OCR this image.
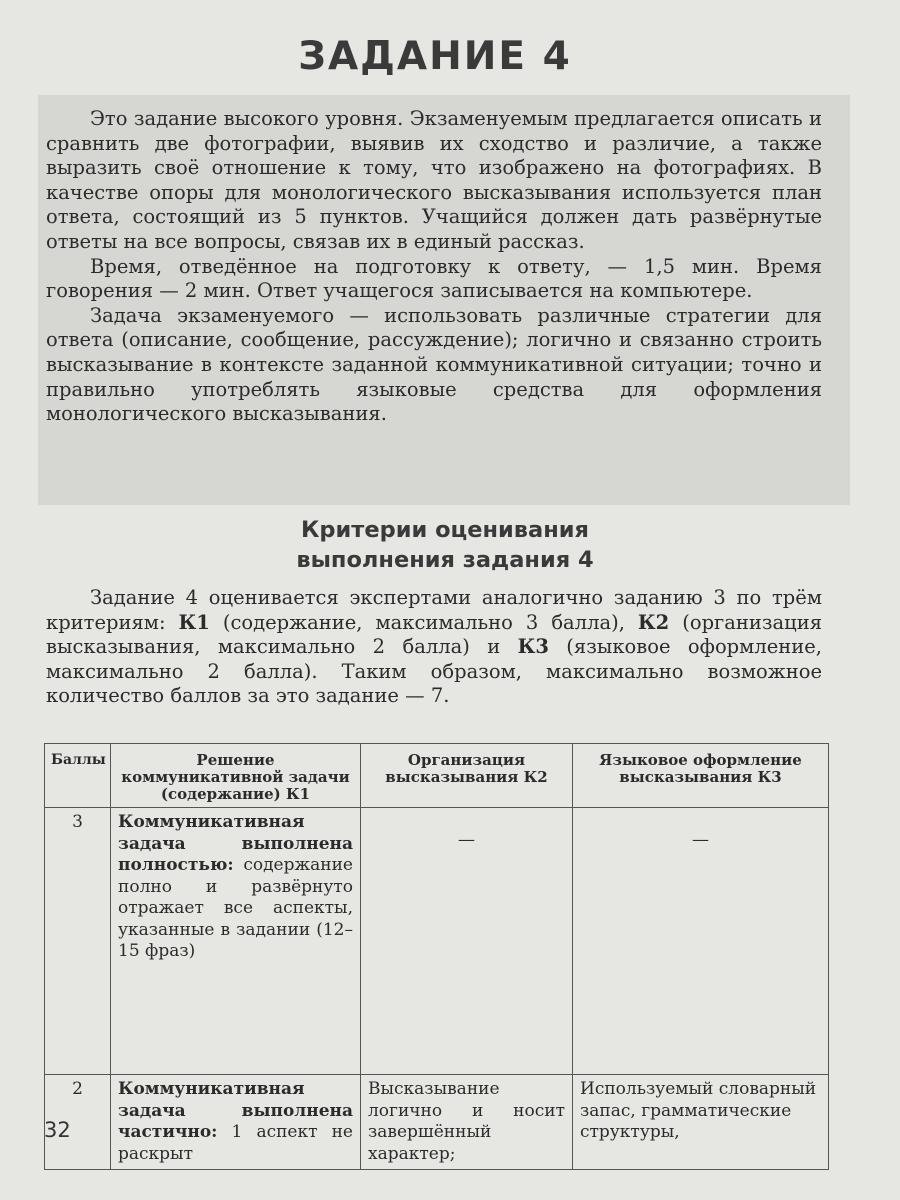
ЗАДАНИЕ 4

Это задание высокого уровня. Экзаменуемым предлагается описать и сравнить две фотографии, выявив их сходство и различие, а также выразить своё отношение к тому, что изображено на фотографиях. В качестве опоры для монологического высказывания используется план ответа, состоящий из 5 пунктов. Учащийся должен дать развёрнутые ответы на все вопросы, связав их в единый рассказ.

Время, отведённое на подготовку к ответу, — 1,5 мин. Время говорения — 2 мин. Ответ учащегося записывается на компьютере.

Задача экзаменуемого — использовать различные стратегии для ответа (описание, сообщение, рассуждение); логично и связанно строить высказывание в контексте заданной коммуникативной ситуации; точно и правильно употреблять языковые средства для оформления монологического высказывания.

Критерии оценивания
выполнения задания 4

Задание 4 оценивается экспертами аналогично заданию 3 по трём критериям: К1 (содержание, максимально 3 балла), К2 (организация высказывания, максимально 2 балла) и К3 (языковое оформление, максимально 2 балла). Таким образом, максимально возможное количество баллов за это задание — 7.

Баллы	Решение коммуникативной задачи (содержание) К1	Организация высказывания К2	Языковое оформление высказывания К3
3	Коммуникативная задача выполнена полностью: содержание полно и развёрнуто отражает все аспекты, указанные в задании (12–15 фраз)	—	—
2	Коммуникативная задача выполнена частично: 1 аспект не раскрыт	Высказывание логично и носит завершённый характер;	Используемый словарный запас, грамматические структуры,
32
